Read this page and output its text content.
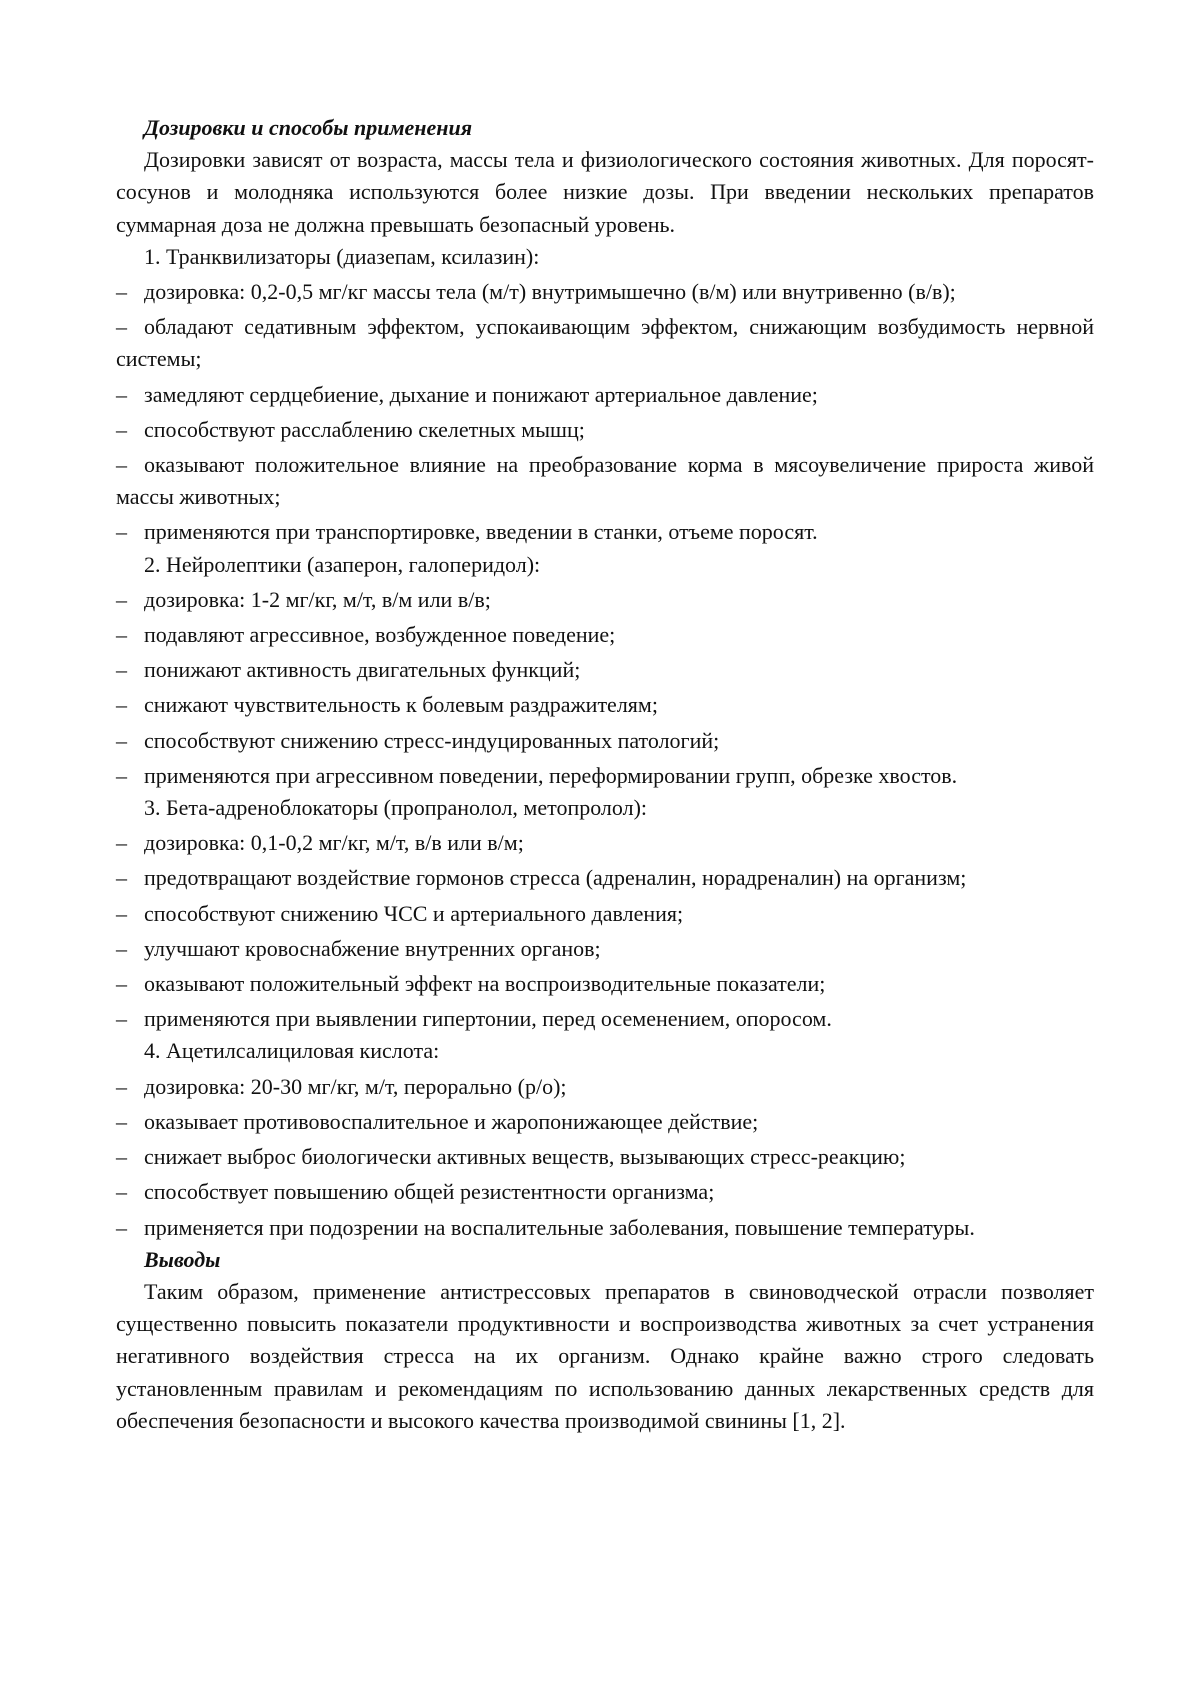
Дозировки и способы применения

Дозировки зависят от возраста, массы тела и физиологического состояния животных. Для поросят-сосунов и молодняка используются более низкие дозы. При введении нескольких препаратов суммарная доза не должна превышать безопасный уровень.

1. Транквилизаторы (диазепам, ксилазин):

– дозировка: 0,2-0,5 мг/кг массы тела (м/т) внутримышечно (в/м) или внутривенно (в/в);

– обладают седативным эффектом, успокаивающим эффектом, снижающим возбудимость нервной системы;

– замедляют сердцебиение, дыхание и понижают артериальное давление;

– способствуют расслаблению скелетных мышц;

– оказывают положительное влияние на преобразование корма в мясоувеличение прироста живой массы животных;

– применяются при транспортировке, введении в станки, отъеме поросят.

2. Нейролептики (азаперон, галоперидол):

– дозировка: 1-2 мг/кг, м/т, в/м или в/в;

– подавляют агрессивное, возбужденное поведение;

– понижают активность двигательных функций;

– снижают чувствительность к болевым раздражителям;

– способствуют снижению стресс-индуцированных патологий;

– применяются при агрессивном поведении, переформировании групп, обрезке хвостов.

3. Бета-адреноблокаторы (пропранолол, метопролол):

– дозировка: 0,1-0,2 мг/кг, м/т, в/в или в/м;

– предотвращают воздействие гормонов стресса (адреналин, норадреналин) на организм;

– способствуют снижению ЧСС и артериального давления;

– улучшают кровоснабжение внутренних органов;

– оказывают положительный эффект на воспроизводительные показатели;

– применяются при выявлении гипертонии, перед осеменением, опоросом.

4. Ацетилсалициловая кислота:

– дозировка: 20-30 мг/кг, м/т, перорально (р/о);

– оказывает противовоспалительное и жаропонижающее действие;

– снижает выброс биологически активных веществ, вызывающих стресс-реакцию;

– способствует повышению общей резистентности организма;

– применяется при подозрении на воспалительные заболевания, повышение температуры.

Выводы

Таким образом, применение антистрессовых препаратов в свиноводческой отрасли позволяет существенно повысить показатели продуктивности и воспроизводства животных за счет устранения негативного воздействия стресса на их организм. Однако крайне важно строго следовать установленным правилам и рекомендациям по использованию данных лекарственных средств для обеспечения безопасности и высокого качества производимой свинины [1, 2].
